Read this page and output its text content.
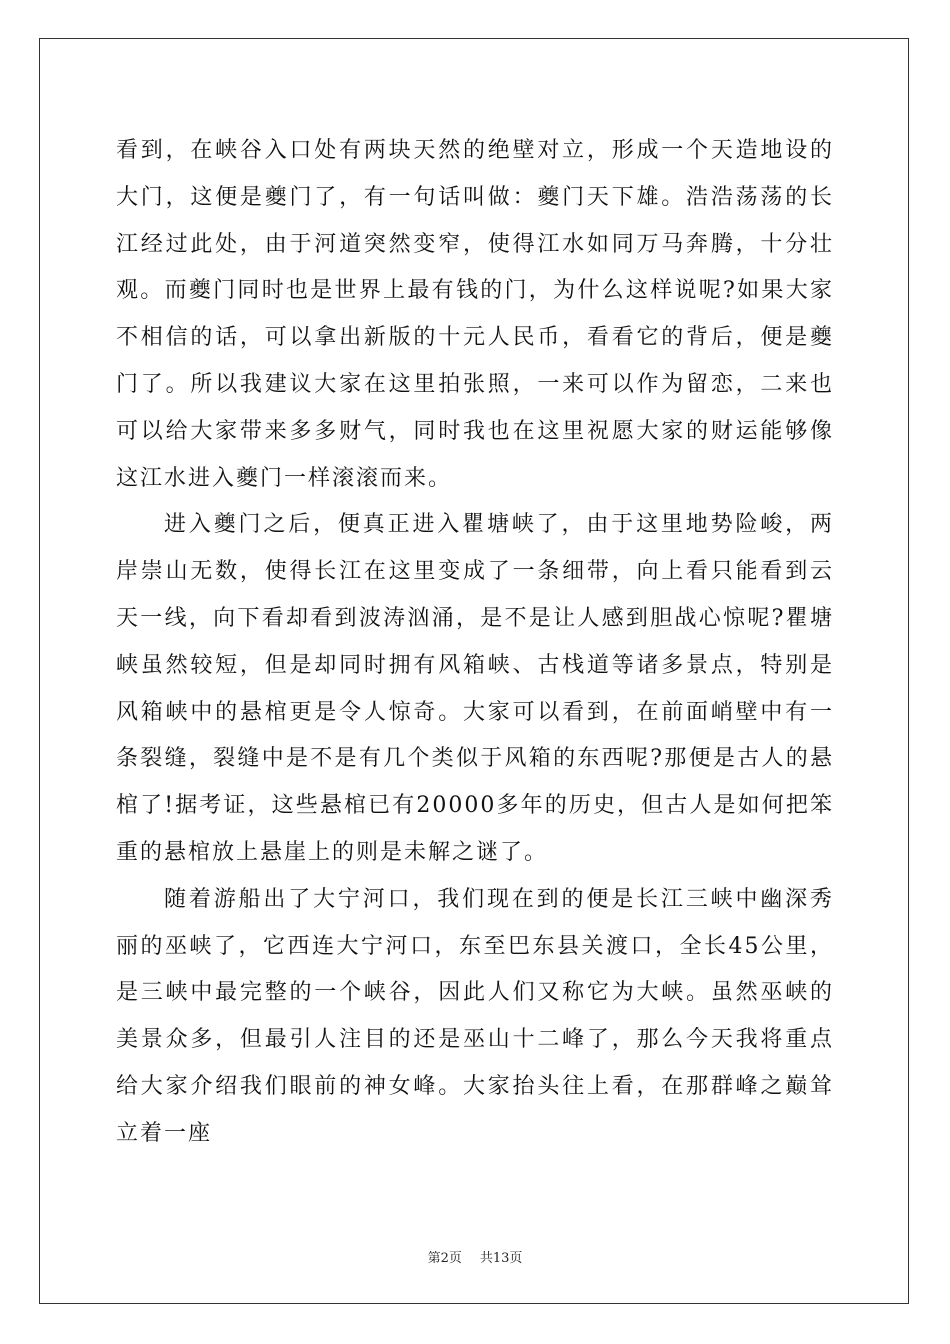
看到，在峡谷入口处有两块天然的绝壁对立，形成一个天造地设的大门，这便是夔门了，有一句话叫做：夔门天下雄。浩浩荡荡的长江经过此处，由于河道突然变窄，使得江水如同万马奔腾，十分壮观。而夔门同时也是世界上最有钱的门，为什么这样说呢?如果大家不相信的话，可以拿出新版的十元人民币，看看它的背后，便是夔门了。所以我建议大家在这里拍张照，一来可以作为留恋，二来也可以给大家带来多多财气，同时我也在这里祝愿大家的财运能够像这江水进入夔门一样滚滚而来。

进入夔门之后，便真正进入瞿塘峡了，由于这里地势险峻，两岸崇山无数，使得长江在这里变成了一条细带，向上看只能看到云天一线，向下看却看到波涛汹涌，是不是让人感到胆战心惊呢?瞿塘峡虽然较短，但是却同时拥有风箱峡、古栈道等诸多景点，特别是风箱峡中的悬棺更是令人惊奇。大家可以看到，在前面峭壁中有一条裂缝，裂缝中是不是有几个类似于风箱的东西呢?那便是古人的悬棺了!据考证，这些悬棺已有20000多年的历史，但古人是如何把笨重的悬棺放上悬崖上的则是未解之谜了。

随着游船出了大宁河口，我们现在到的便是长江三峡中幽深秀丽的巫峡了，它西连大宁河口，东至巴东县关渡口，全长45公里，是三峡中最完整的一个峡谷，因此人们又称它为大峡。虽然巫峡的美景众多，但最引人注目的还是巫山十二峰了，那么今天我将重点给大家介绍我们眼前的神女峰。大家抬头往上看，在那群峰之巅耸立着一座

第2页 共13页
